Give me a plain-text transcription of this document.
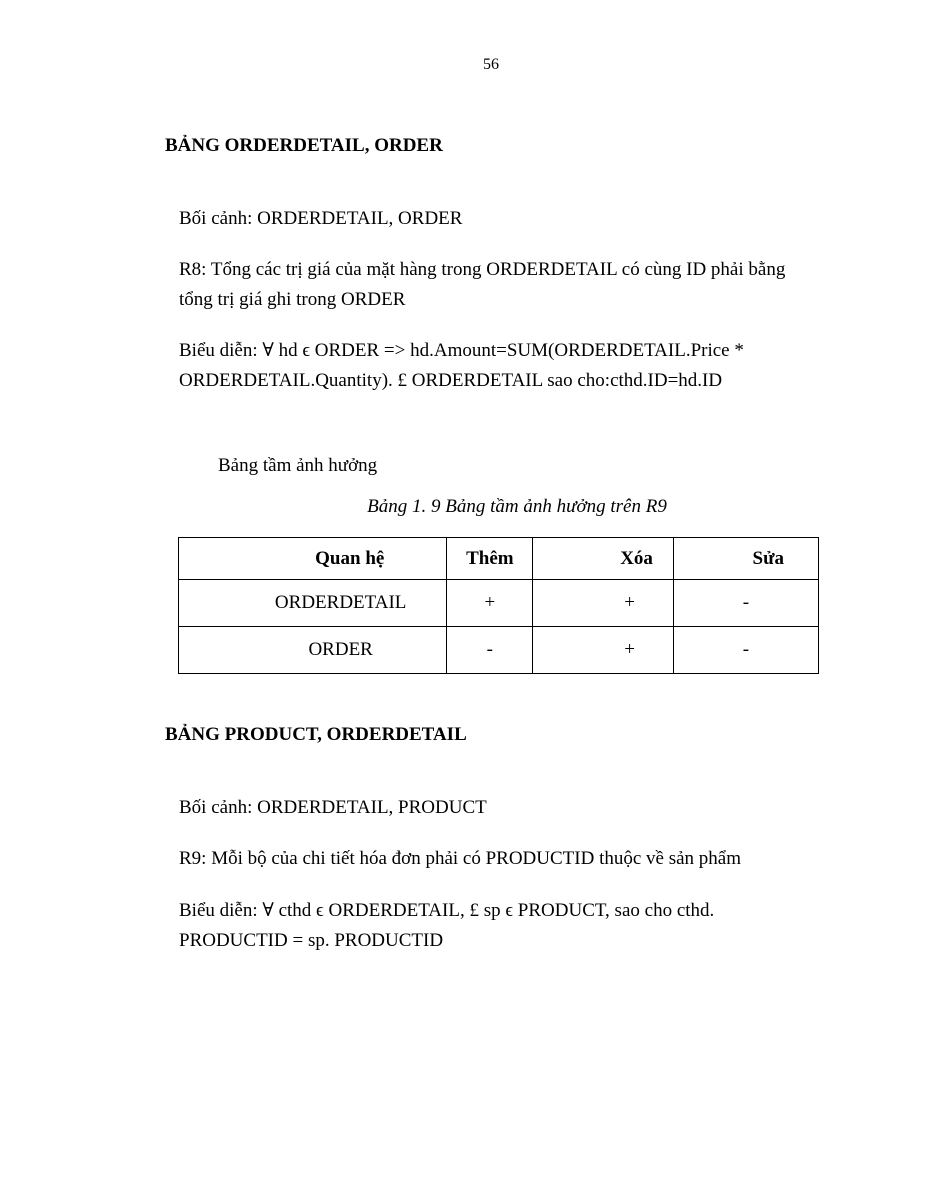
56
BẢNG ORDERDETAIL, ORDER
Bối cảnh: ORDERDETAIL, ORDER
R8: Tổng các trị giá của mặt hàng trong ORDERDETAIL có cùng ID phải bằng
tổng trị giá ghi trong ORDER
Biểu diễn: ∀ hd ϵ ORDER => hd.Amount=SUM(ORDERDETAIL.Price *
ORDERDETAIL.Quantity). £ ORDERDETAIL sao cho:cthd.ID=hd.ID
Bảng tầm ảnh hưởng
Bảng 1. 9 Bảng tầm ảnh hưởng trên R9
Quan hệ	Thêm	Xóa	Sửa
ORDERDETAIL	+	+	-
ORDER	-	+	-
BẢNG PRODUCT, ORDERDETAIL
Bối cảnh: ORDERDETAIL, PRODUCT
R9: Mỗi bộ của chi tiết hóa đơn phải có PRODUCTID thuộc về sản phẩm
Biểu diễn: ∀ cthd ϵ ORDERDETAIL, £ sp ϵ PRODUCT, sao cho cthd.
PRODUCTID = sp. PRODUCTID
